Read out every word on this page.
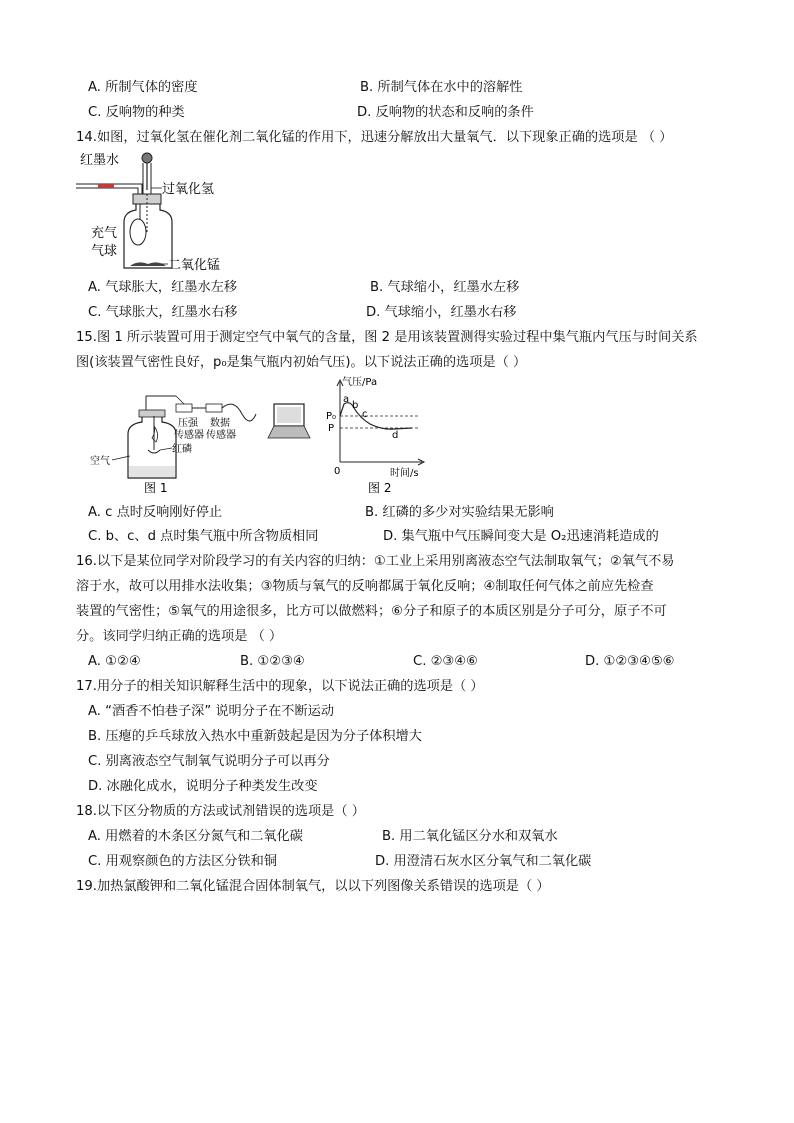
A. 所制气体的密度	B. 所制气体在水中的溶解性
C. 反响物的种类	D. 反响物的状态和反响的条件
14.如图，过氧化氢在催化剂二氧化锰的作用下，迅速分解放出大量氧气．以下现象正确的选项是 （ ）
红墨水
过氧化氢
充气
气球
二氧化锰
A. 气球胀大，红墨水左移	B. 气球缩小，红墨水左移
C. 气球胀大，红墨水右移	D. 气球缩小，红墨水右移
15.图 1 所示装置可用于测定空气中氧气的含量，图 2 是用该装置测得实验过程中集气瓶内气压与时间关系
图(该装置气密性良好，p₀是集气瓶内初始气压)。以下说法正确的选项是（ ）
压强
传感器
数据
传感器
空气
红磷
图 1
气压/Pa
时间/s
P₀
P
0
a
b
c
d
图 2
A. c 点时反响刚好停止	B. 红磷的多少对实验结果无影响
C. b、c、d 点时集气瓶中所含物质相同	D. 集气瓶中气压瞬间变大是 O₂迅速消耗造成的
16.以下是某位同学对阶段学习的有关内容的归纳：①工业上采用别离液态空气法制取氧气；②氧气不易
溶于水，故可以用排水法收集；③物质与氧气的反响都属于氧化反响；④制取任何气体之前应先检查
装置的气密性；⑤氧气的用途很多，比方可以做燃料；⑥分子和原子的本质区别是分子可分，原子不可
分。该同学归纳正确的选项是 （ ）
A. ①②④	B. ①②③④	C. ②③④⑥	D. ①②③④⑤⑥
17.用分子的相关知识解释生活中的现象，以下说法正确的选项是（ ）
A. “酒香不怕巷子深” 说明分子在不断运动
B. 压瘪的乒乓球放入热水中重新鼓起是因为分子体积增大
C. 别离液态空气制氧气说明分子可以再分
D. 冰融化成水，说明分子种类发生改变
18.以下区分物质的方法或试剂错误的选项是（ ）
A. 用燃着的木条区分氮气和二氧化碳	B. 用二氧化锰区分水和双氧水
C. 用观察颜色的方法区分铁和铜	D. 用澄清石灰水区分氧气和二氧化碳
19.加热氯酸钾和二氧化锰混合固体制氧气，以以下列图像关系错误的选项是（ ）
